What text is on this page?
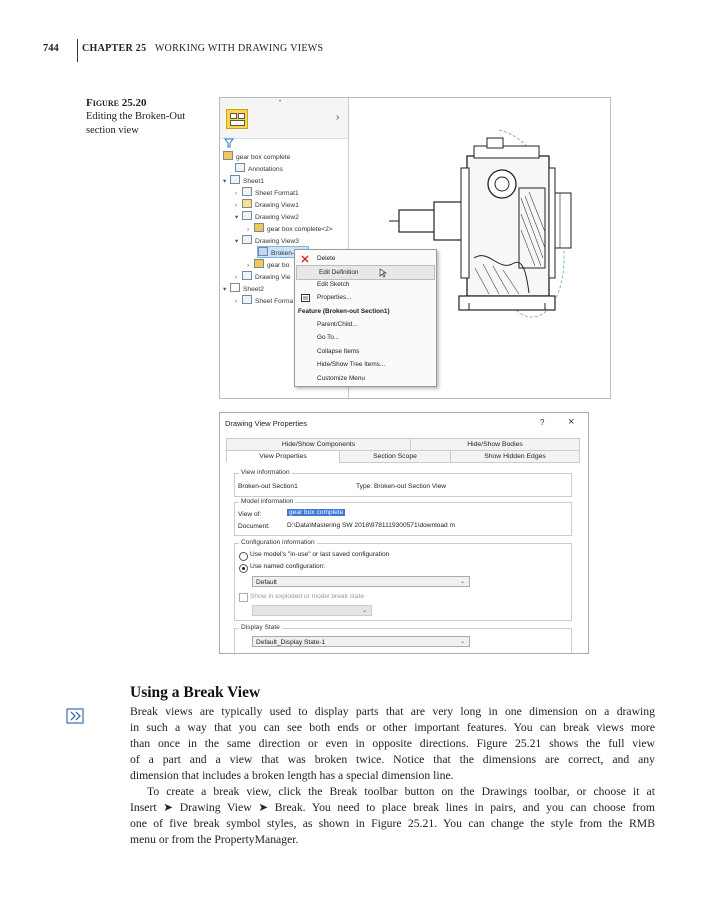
744 CHAPTER 25 WORKING WITH DRAWING VIEWS
Figure 25.20
Editing the Broken-Out
section view
•
›
gear box complete
Annotations
▾	Sheet1
›	Sheet Format1
›	Drawing View1
▾	Drawing View2
›	gear box complete<2>
▾	Drawing View3
Broken-
›	gear bo
›	Drawing Vie
▾	Sheet2
›	Sheet Forma
Delete
Edit Definition
Edit Sketch
Properties...
Feature (Broken-out Section1)
Parent/Child...
Go To...
Collapse Items
Hide/Show Tree Items...
Customize Menu
Drawing View Properties	? ×
Hide/Show Components	Hide/Show Bodies
View Properties	Section Scope	Show Hidden Edges
View information
Broken-out Section1	Type: Broken-out Section View
Model information
View of:	gear box complete
Document:	D:\Data\Mastering SW 2018\9781119300571\download m
Configuration information
Use model's "in-use" or last saved configuration
Use named configuration:
Default	⌄
Show in exploded or model break state
⌄
Display State
Default_Display State-1	⌄
Using a Break View

Break views are typically used to display parts that are very long in one dimension on a drawing

in such a way that you can see both ends or other important features. You can break views more

than once in the same direction or even in opposite directions. Figure 25.21 shows the full view

of a part and a view that was broken twice. Notice that the dimensions are correct, and any

dimension that includes a broken length has a special dimension line.

To create a break view, click the Break toolbar button on the Drawings toolbar, or choose it at

Insert ➤ Drawing View ➤ Break. You need to place break lines in pairs, and you can choose from

one of five break symbol styles, as shown in Figure 25.21. You can change the style from the RMB

menu or from the PropertyManager.
